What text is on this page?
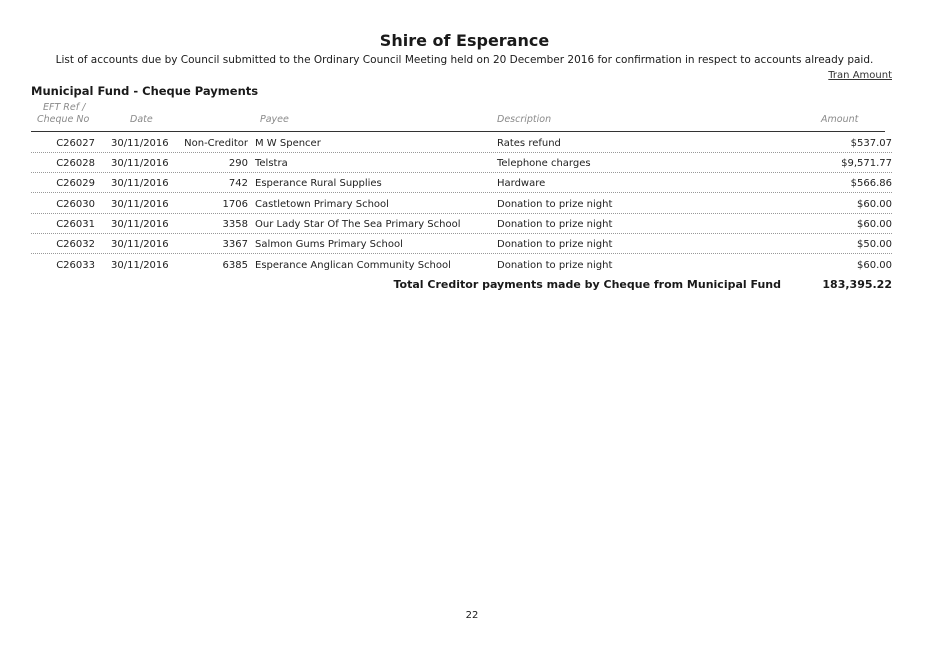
Shire of Esperance
List of accounts due by Council submitted to the Ordinary Council Meeting held on 20 December 2016 for confirmation in respect to accounts already paid.
Tran Amount
Municipal Fund - Cheque Payments
EFT Ref /
Cheque No	Date	Payee	Description	Amount
C26027 30/11/2016	Non-Creditor M W Spencer	Rates refund	$537.07
C26028 30/11/2016	290 Telstra	Telephone charges	$9,571.77
C26029 30/11/2016	742 Esperance Rural Supplies	Hardware	$566.86
C26030 30/11/2016	1706 Castletown Primary School	Donation to prize night	$60.00
C26031 30/11/2016	3358 Our Lady Star Of The Sea Primary School	Donation to prize night	$60.00
C26032 30/11/2016	3367 Salmon Gums Primary School	Donation to prize night	$50.00
C26033 30/11/2016	6385 Esperance Anglican Community School	Donation to prize night	$60.00
Total Creditor payments made by Cheque from Municipal Fund	183,395.22
22
